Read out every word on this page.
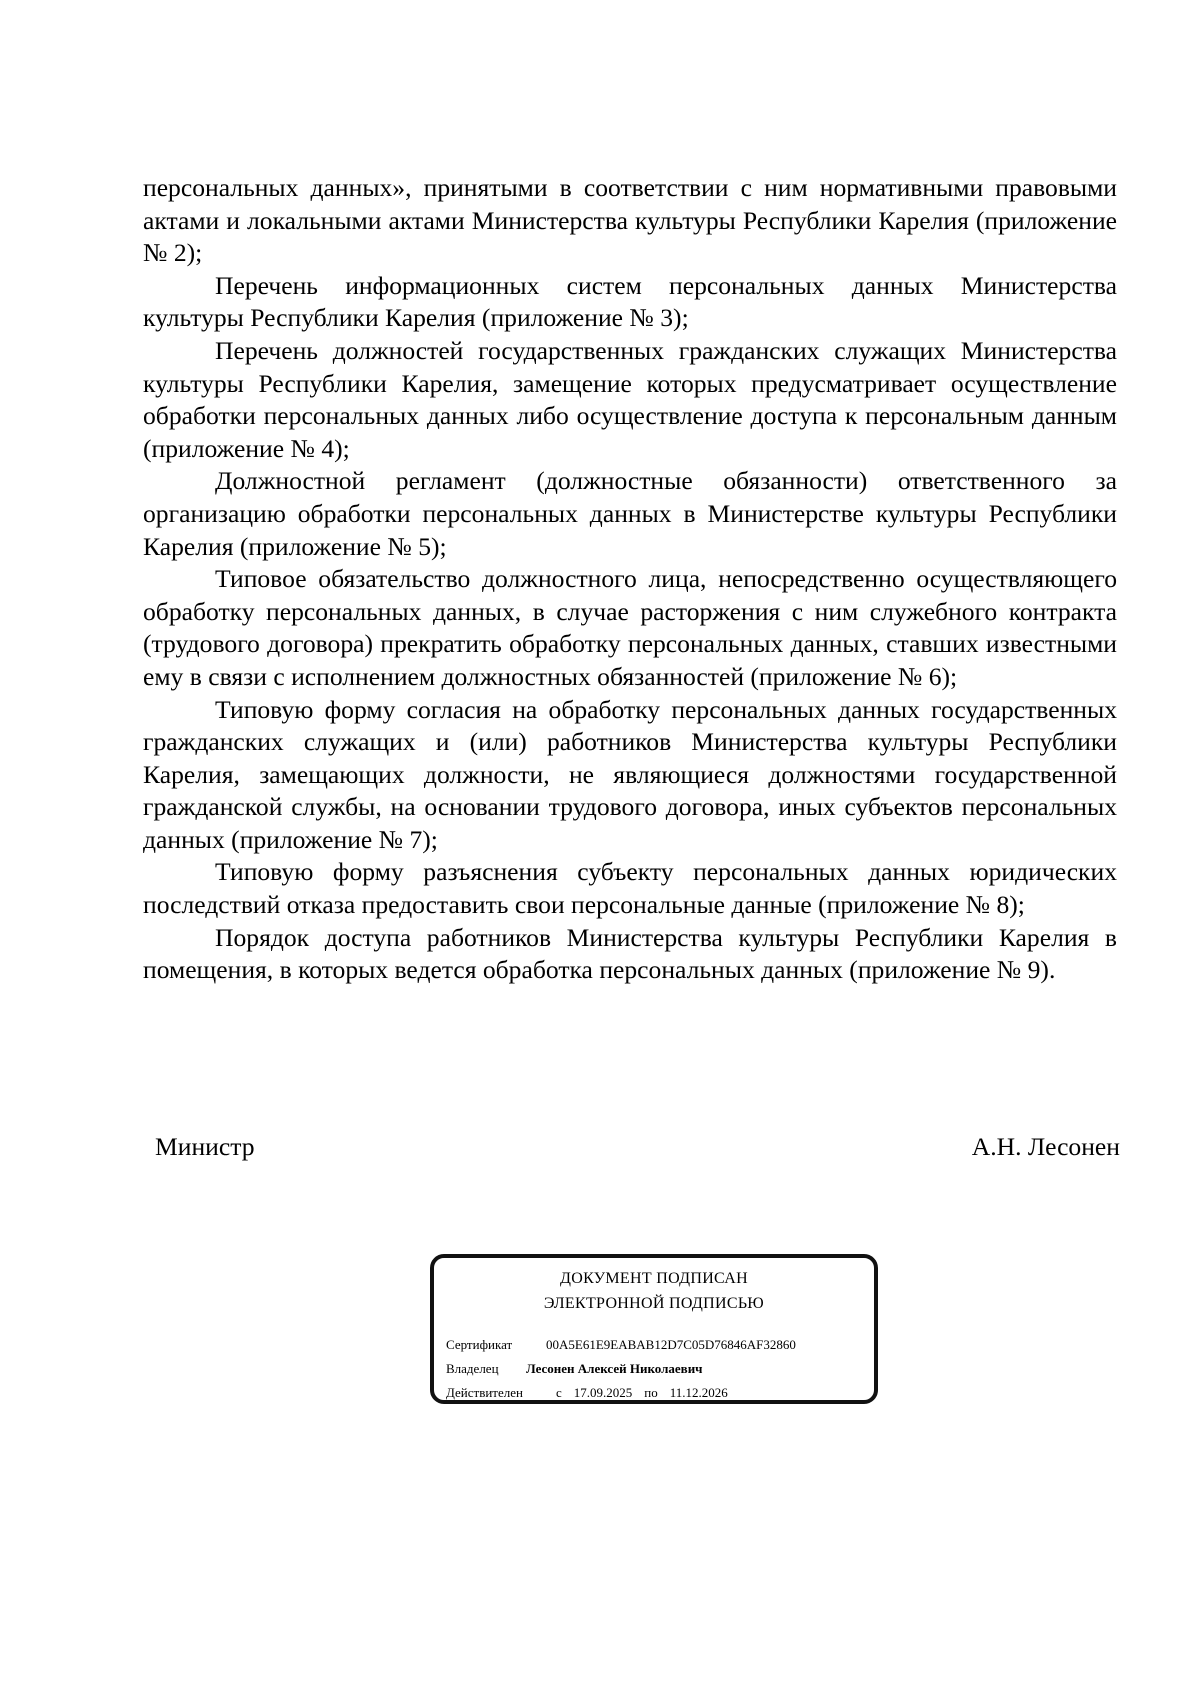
персональных данных», принятыми в соответствии с ним нормативными правовыми актами и локальными актами Министерства культуры Республики Карелия (приложение № 2);

Перечень информационных систем персональных данных Министерства культуры Республики Карелия (приложение № 3);

Перечень должностей государственных гражданских служащих Министерства культуры Республики Карелия, замещение которых предусматривает осуществление обработки персональных данных либо осуществление доступа к персональным данным (приложение № 4);

Должностной регламент (должностные обязанности) ответственного за организацию обработки персональных данных в Министерстве культуры Республики Карелия (приложение № 5);

Типовое обязательство должностного лица, непосредственно осуществляющего обработку персональных данных, в случае расторжения с ним служебного контракта (трудового договора) прекратить обработку персональных данных, ставших известными ему в связи с исполнением должностных обязанностей (приложение № 6);

Типовую форму согласия на обработку персональных данных государственных гражданских служащих и (или) работников Министерства культуры Республики Карелия, замещающих должности, не являющиеся должностями государственной гражданской службы, на основании трудового договора, иных субъектов персональных данных (приложение № 7);

Типовую форму разъяснения субъекту персональных данных юридических последствий отказа предоставить свои персональные данные (приложение № 8);

Порядок доступа работников Министерства культуры Республики Карелия в помещения, в которых ведется обработка персональных данных (приложение № 9).

Министр	А.Н. Лесонен
ДОКУМЕНТ ПОДПИСАН
ЭЛЕКТРОННОЙ ПОДПИСЬЮ
Сертификат	00A5E61E9EABAB12D7C05D76846AF32860
Владелец Лесонен Алексей Николаевич
Действителен	с 17.09.2025 по 11.12.2026
